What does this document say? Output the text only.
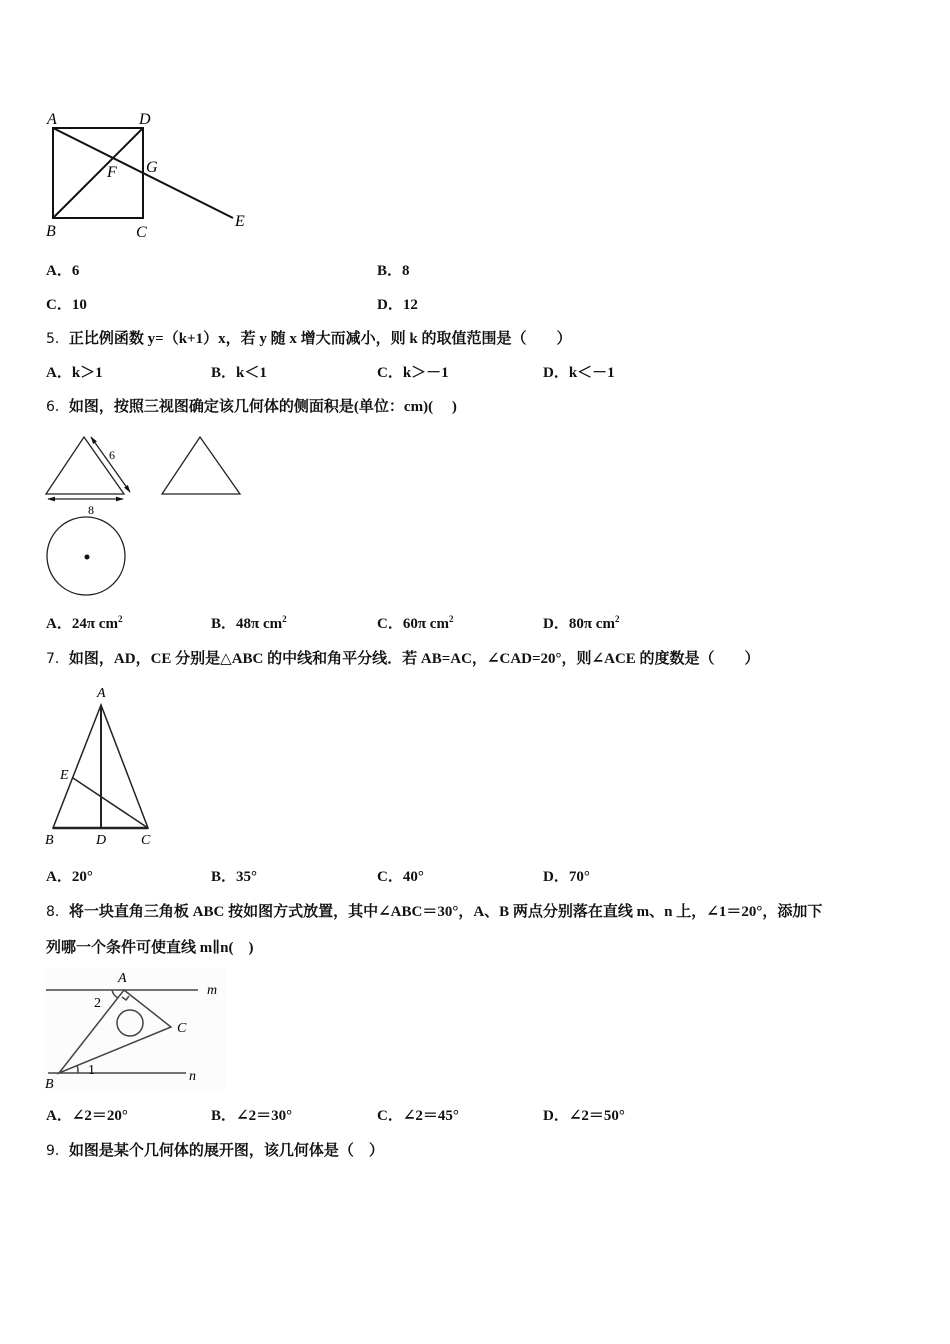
A	D
F G
B	C
E
A．6	B．8
C．10	D．12
5．正比例函数 y=（k+1）x，若 y 随 x 增大而减小，则 k 的取值范围是（　　）
A．k＞1	B．k＜1	C．k＞－1	D．k＜－1
6．如图，按照三视图确定该几何体的侧面积是(单位：cm)(　 )
6
8
A．24π $cm^2$	B．48π $cm^2$	C．60π $cm^2$	D．80π $cm^2$
7．如图，AD，CE 分别是△ABC 的中线和角平分线．若 AB=AC，∠CAD=20°，则∠ACE 的度数是（　　）
A
E
B	D C
A．20°	B．35°	C．40°	D．70°
8．将一块直角三角板 ABC 按如图方式放置，其中∠ABC＝30°，A、B 两点分别落在直线 m、n 上，∠1＝20°，添加下
列哪一个条件可使直线 m∥n(　)
A
m
2
C
1
B
n
A．∠2＝20°	B．∠2＝30°	C．∠2＝45°	D．∠2＝50°
9．如图是某个几何体的展开图，该几何体是（　）
